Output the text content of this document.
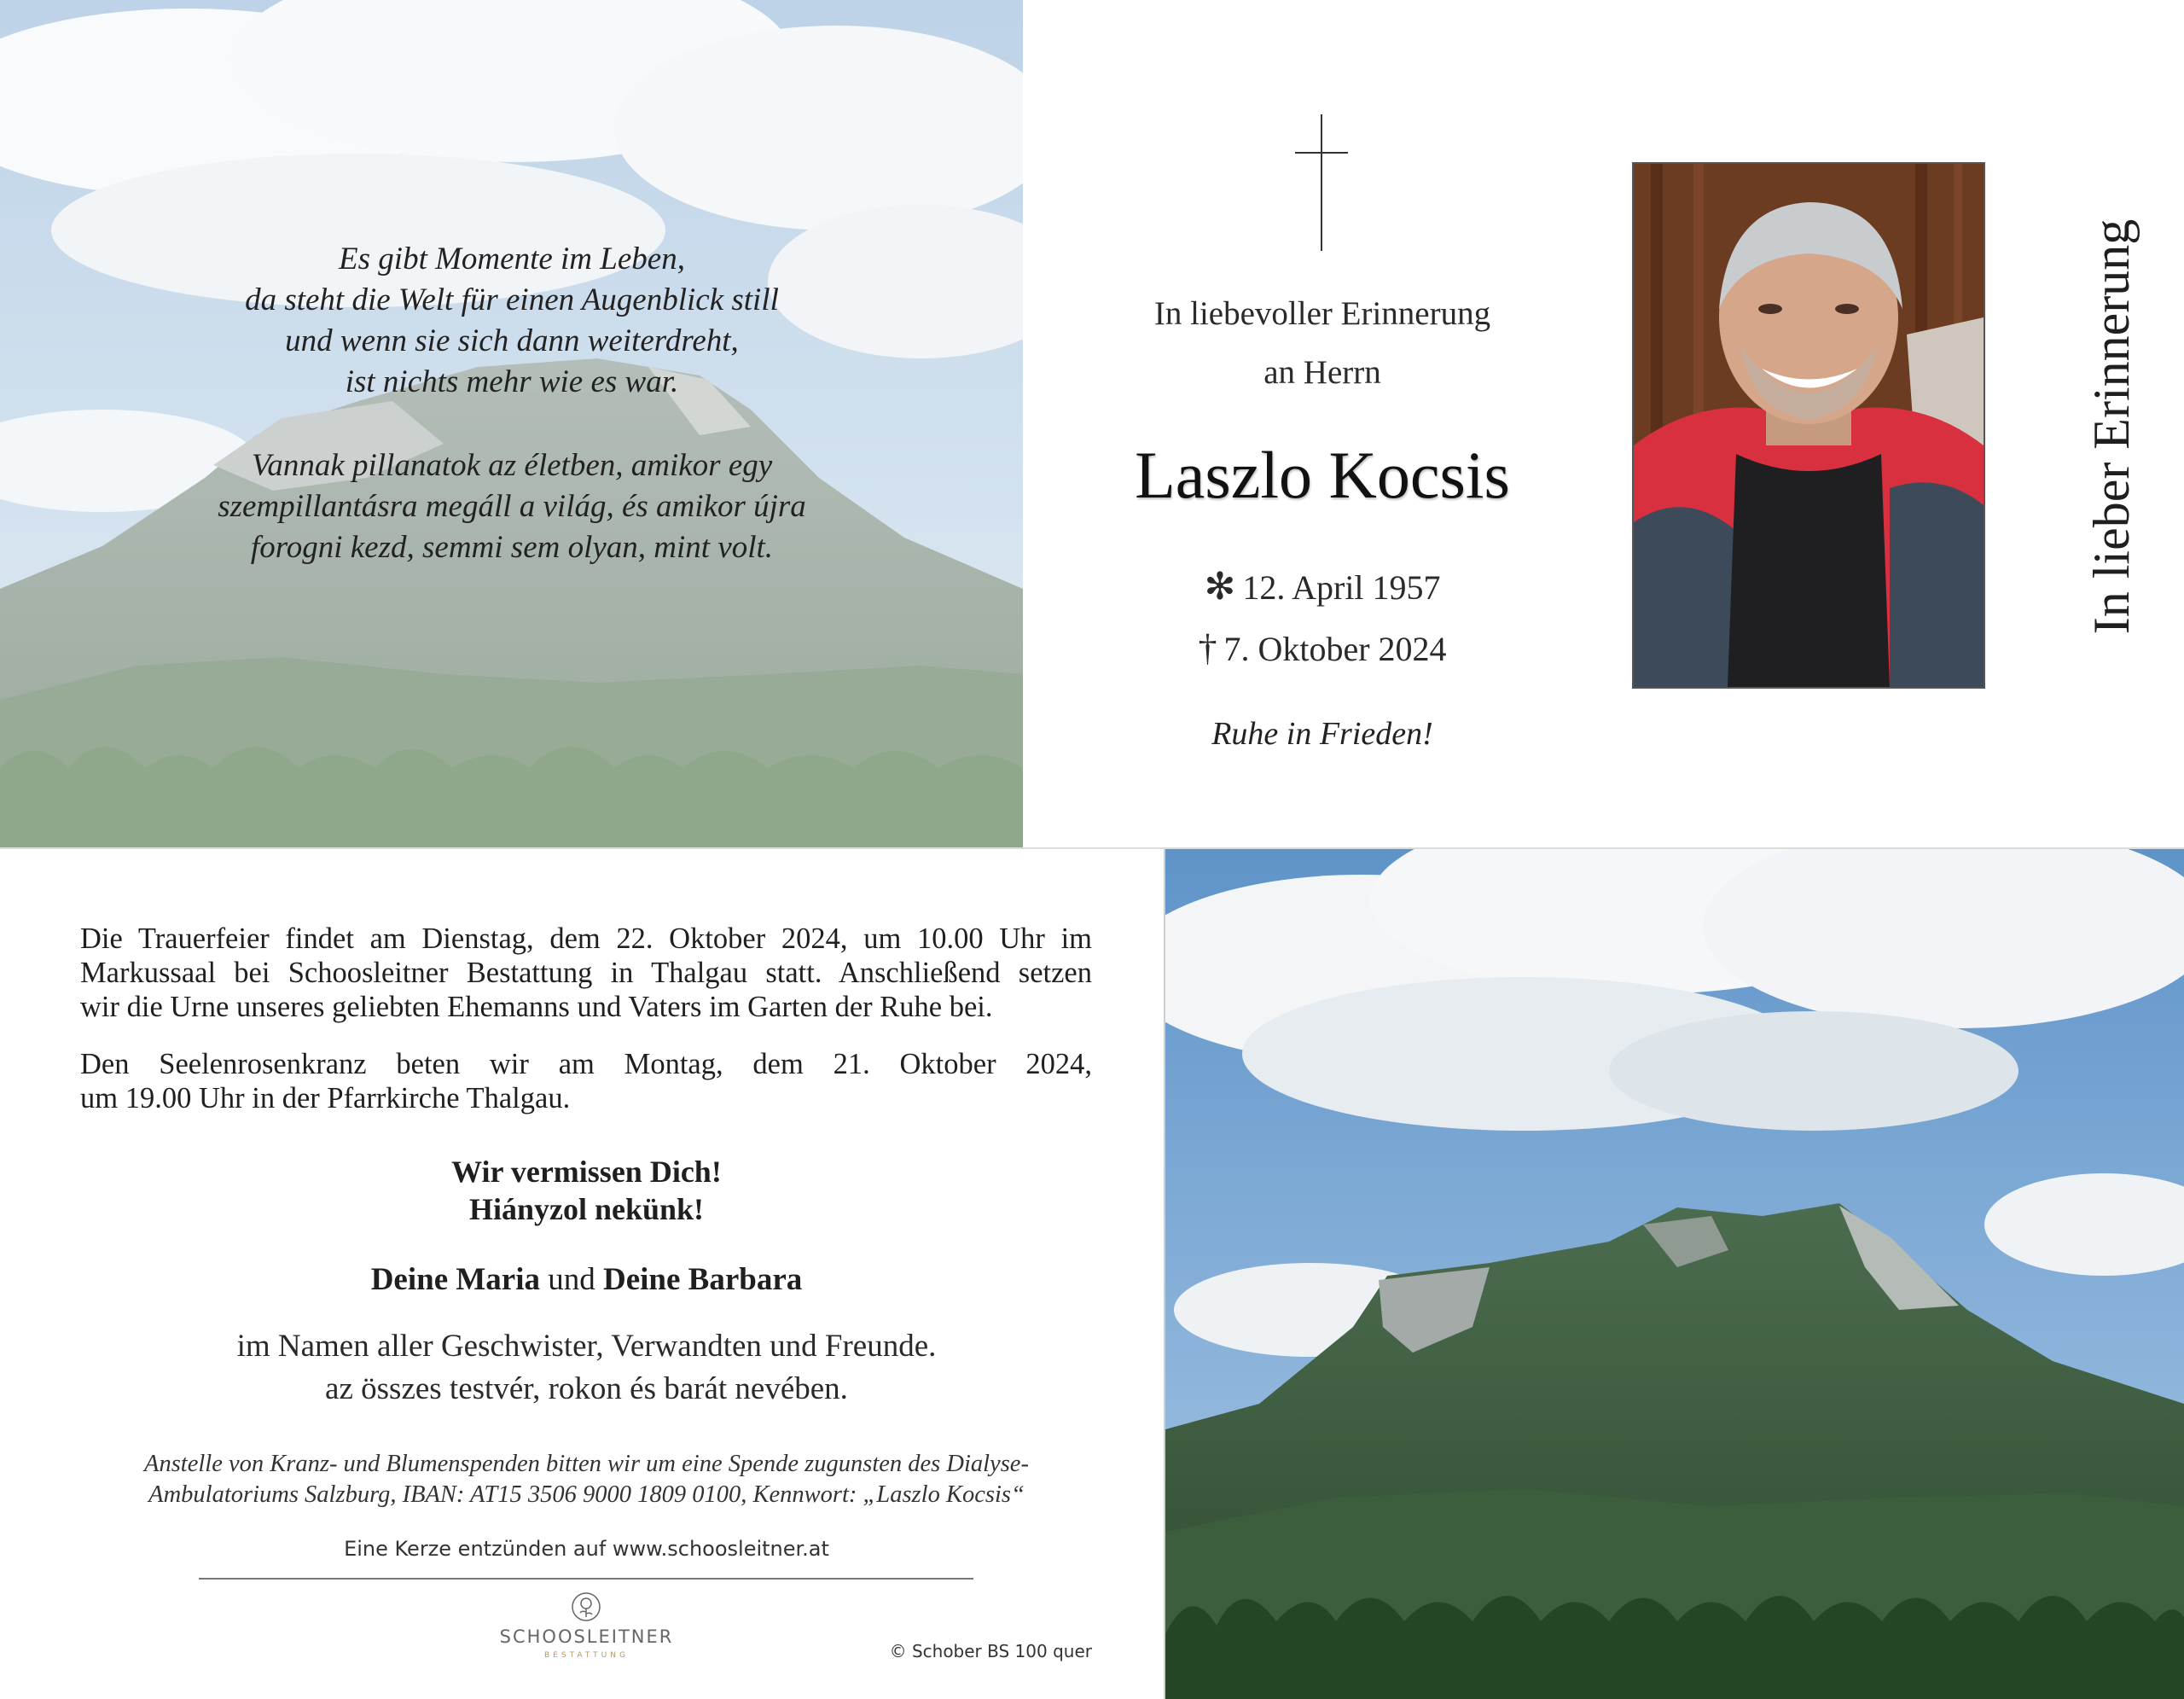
Es gibt Momente im Leben,
da steht die Welt für einen Augenblick still
und wenn sie sich dann weiterdreht,
ist nichts mehr wie es war.
Vannak pillanatok az életben, amikor egy
szempillantásra megáll a világ, és amikor újra
forogni kezd, semmi sem olyan, mint volt.
In liebevoller Erinnerung
an Herrn
Laszlo Kocsis
✻ 12. April 1957
† 7. Oktober 2024
Ruhe in Frieden!
In lieber Erinnerung
Die Trauerfeier findet am Dienstag, dem 22. Oktober 2024, um 10.00 Uhr im
Markussaal bei Schoosleitner Bestattung in Thalgau statt. Anschließend setzen
wir die Urne unseres geliebten Ehemanns und Vaters im Garten der Ruhe bei.
Den Seelenrosenkranz beten wir am Montag, dem 21. Oktober 2024,
um 19.00 Uhr in der Pfarrkirche Thalgau.
Wir vermissen Dich!
Hiányzol nekünk!
Deine Maria und Deine Barbara
im Namen aller Geschwister, Verwandten und Freunde.
az összes testvér, rokon és barát nevében.
Anstelle von Kranz- und Blumenspenden bitten wir um eine Spende zugunsten des Dialyse-
Ambulatoriums Salzburg, IBAN: AT15 3506 9000 1809 0100, Kennwort: „Laszlo Kocsis“
Eine Kerze entzünden auf www.schoosleitner.at
SCHOOSLEITNER
BESTATTUNG	© Schober BS 100 quer
